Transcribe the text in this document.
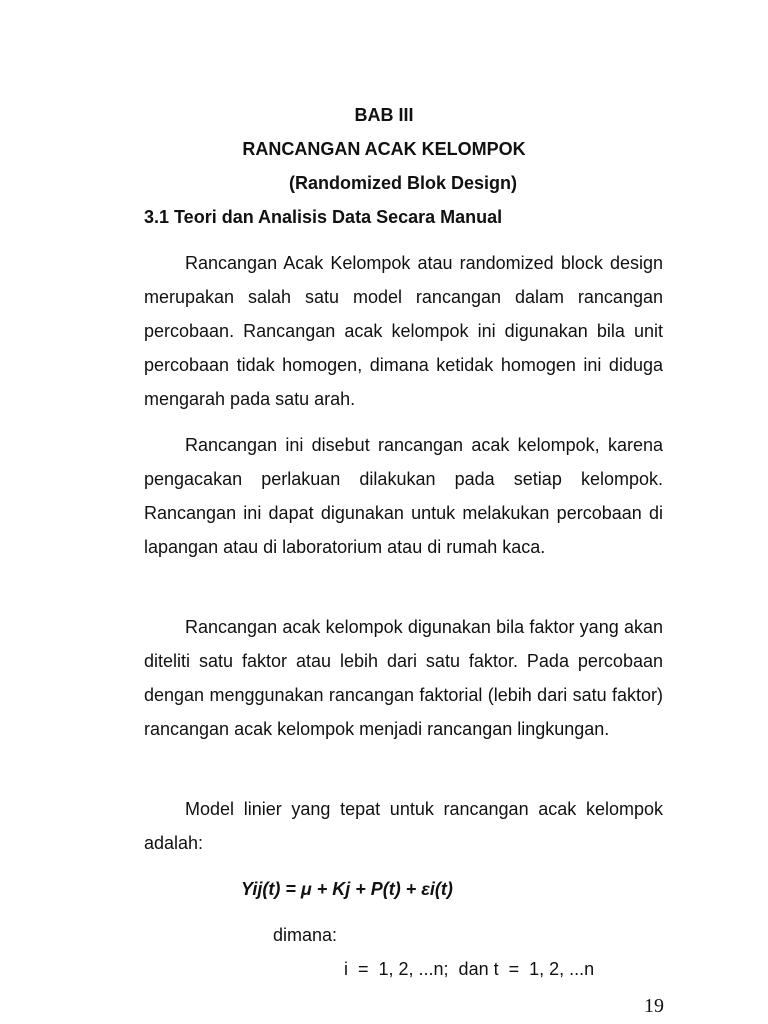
BAB III
RANCANGAN ACAK KELOMPOK
(Randomized Blok Design)
3.1 Teori dan Analisis Data Secara Manual

Rancangan Acak Kelompok atau randomized block design merupakan salah satu model rancangan dalam rancangan percobaan. Rancangan acak kelompok ini digunakan bila unit percobaan tidak homogen, dimana ketidak homogen ini diduga mengarah pada satu arah.

Rancangan ini disebut rancangan acak kelompok, karena pengacakan perlakuan dilakukan pada setiap kelompok. Rancangan ini dapat digunakan untuk melakukan percobaan di lapangan atau di laboratorium atau di rumah kaca.

Rancangan acak kelompok digunakan bila faktor yang akan diteliti satu faktor atau lebih dari satu faktor. Pada percobaan dengan menggunakan rancangan faktorial (lebih dari satu faktor) rancangan acak kelompok menjadi rancangan lingkungan.

Model linier yang tepat untuk rancangan acak kelompok adalah:

Yij(t) = μ + Kj + P(t) + εi(t)
dimana:
i  =  1, 2, ...n;  dan t  =  1, 2, ...n
19
